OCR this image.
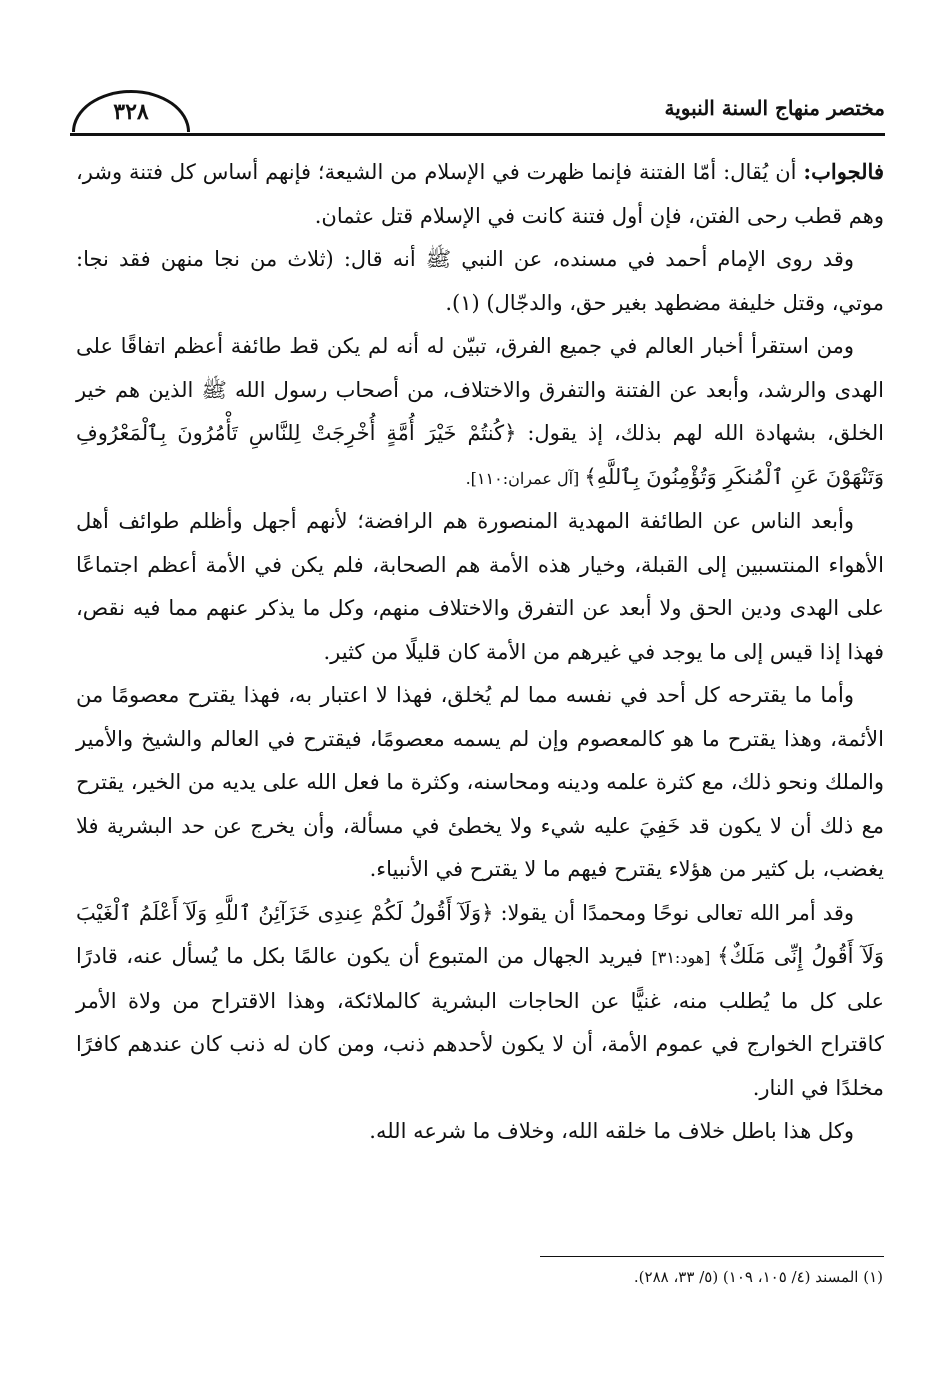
٣٢٨	مختصر منهاج السنة النبوية

فالجواب: أن يُقال: أمّا الفتنة فإنما ظهرت في الإسلام من الشيعة؛ فإنهم أساس كل فتنة وشر، وهم قطب رحى الفتن، فإن أول فتنة كانت في الإسلام قتل عثمان.

وقد روى الإمام أحمد في مسنده، عن النبي ﷺ أنه قال: (ثلاث من نجا منهن فقد نجا: موتي، وقتل خليفة مضطهد بغير حق، والدجّال) (١).

ومن استقرأ أخبار العالم في جميع الفرق، تبيّن له أنه لم يكن قط طائفة أعظم اتفاقًا على الهدى والرشد، وأبعد عن الفتنة والتفرق والاختلاف، من أصحاب رسول الله ﷺ الذين هم خير الخلق، بشهادة الله لهم بذلك، إذ يقول: ﴿كُنتُمْ خَيْرَ أُمَّةٍ أُخْرِجَتْ لِلنَّاسِ تَأْمُرُونَ بِٱلْمَعْرُوفِ وَتَنْهَوْنَ عَنِ ٱلْمُنكَرِ وَتُؤْمِنُونَ بِٱللَّهِ﴾ [آل عمران:١١٠].

وأبعد الناس عن الطائفة المهدية المنصورة هم الرافضة؛ لأنهم أجهل وأظلم طوائف أهل الأهواء المنتسبين إلى القبلة، وخيار هذه الأمة هم الصحابة، فلم يكن في الأمة أعظم اجتماعًا على الهدى ودين الحق ولا أبعد عن التفرق والاختلاف منهم، وكل ما يذكر عنهم مما فيه نقص، فهذا إذا قيس إلى ما يوجد في غيرهم من الأمة كان قليلًا من كثير.

وأما ما يقترحه كل أحد في نفسه مما لم يُخلق، فهذا لا اعتبار به، فهذا يقترح معصومًا من الأئمة، وهذا يقترح ما هو كالمعصوم وإن لم يسمه معصومًا، فيقترح في العالم والشيخ والأمير والملك ونحو ذلك، مع كثرة علمه ودينه ومحاسنه، وكثرة ما فعل الله على يديه من الخير، يقترح مع ذلك أن لا يكون قد خَفِيَ عليه شيء ولا يخطئ في مسألة، وأن يخرج عن حد البشرية فلا يغضب، بل كثير من هؤلاء يقترح فيهم ما لا يقترح في الأنبياء.

وقد أمر الله تعالى نوحًا ومحمدًا أن يقولا: ﴿وَلَآ أَقُولُ لَكُمْ عِندِى خَزَآئِنُ ٱللَّهِ وَلَآ أَعْلَمُ ٱلْغَيْبَ وَلَآ أَقُولُ إِنِّى مَلَكٌ﴾ [هود:٣١] فيريد الجهال من المتبوع أن يكون عالمًا بكل ما يُسأل عنه، قادرًا على كل ما يُطلب منه، غنيًّا عن الحاجات البشرية كالملائكة، وهذا الاقتراح من ولاة الأمر كاقتراح الخوارج في عموم الأمة، أن لا يكون لأحدهم ذنب، ومن كان له ذنب كان عندهم كافرًا مخلدًا في النار.

وكل هذا باطل خلاف ما خلقه الله، وخلاف ما شرعه الله.

(١) المسند (٤/ ١٠٥، ١٠٩) (٥/ ٣٣، ٢٨٨).
